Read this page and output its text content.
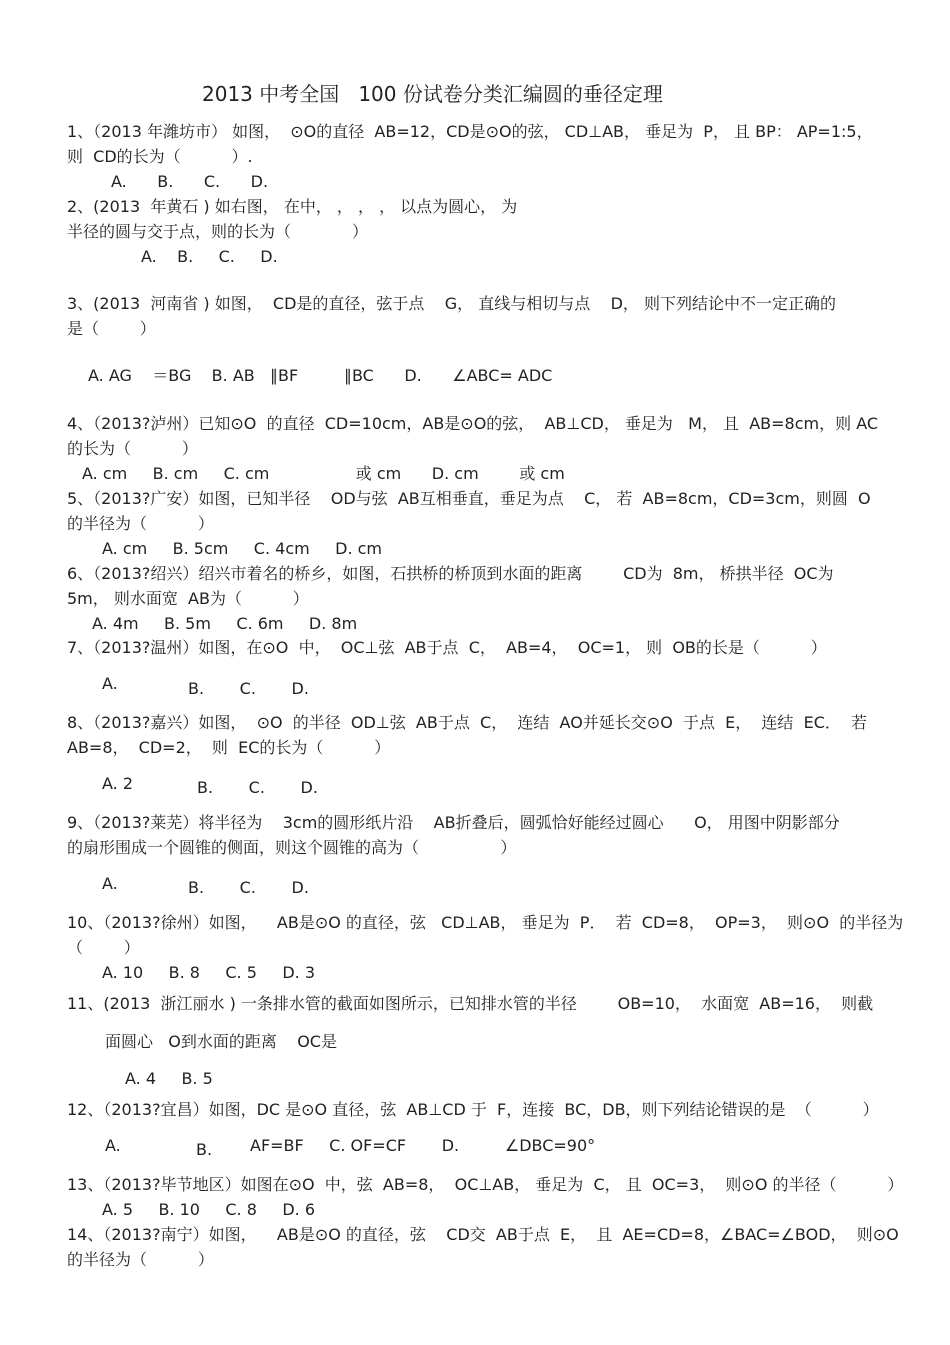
2013 中考全国   100 份试卷分类汇编圆的垂径定理
1、（2013 年潍坊市） 如图，  ⊙O的直径  AB=12，CD是⊙O的弦， CD⊥AB， 垂足为  P， 且 BP： AP=1:5，
则  CD的长为（          ）.
A.      B.      C.      D.
2、(2013  年黄石 ) 如右图， 在中， ， ， ， 以点为圆心， 为
半径的圆与交于点，则的长为（            ）
A.    B.     C.     D.
3、(2013  河南省 ) 如图，  CD是的直径，弦于点    G， 直线与相切与点    D， 则下列结论中不一定正确的
是（        ）
A. AG    ＝BG    B. AB   ∥BF         ∥BC      D.      ∠ABC= ADC
4、（2013?泸州）已知⊙O  的直径  CD=10cm，AB是⊙O的弦，  AB⊥CD， 垂足为   M， 且  AB=8cm，则 AC
的长为（          ）
A. cm     B. cm     C. cm                 或 cm      D. cm        或 cm
5、（2013?广安）如图，已知半径    OD与弦  AB互相垂直，垂足为点    C， 若  AB=8cm，CD=3cm，则圆  O
的半径为（          ）
A. cm     B. 5cm     C. 4cm     D. cm
6、（2013?绍兴）绍兴市着名的桥乡，如图，石拱桥的桥顶到水面的距离        CD为  8m， 桥拱半径  OC为
5m， 则水面宽  AB为（          ）
A. 4m     B. 5m     C. 6m     D. 8m
7、（2013?温州）如图，在⊙O  中，  OC⊥弦  AB于点  C，  AB=4，  OC=1， 则  OB的长是（          ）
A.	B.       C.       D.
8、（2013?嘉兴）如图，  ⊙O  的半径  OD⊥弦  AB于点  C，  连结  AO并延长交⊙O  于点  E，  连结  EC．  若
AB=8，  CD=2，  则  EC的长为（          ）
A. 2	B.       C.       D.
9、（2013?莱芜）将半径为    3cm的圆形纸片沿    AB折叠后，圆弧恰好能经过圆心      O， 用图中阴影部分
的扇形围成一个圆锥的侧面，则这个圆锥的高为（                ）
A.	B.       C.       D.
10、（2013?徐州）如图，    AB是⊙O 的直径，弦   CD⊥AB， 垂足为  P．  若  CD=8，  OP=3，  则⊙O  的半径为
（        ）
A. 10     B. 8     C. 5     D. 3
11、(2013  浙江丽水 ) 一条排水管的截面如图所示，已知排水管的半径        OB=10，  水面宽  AB=16，  则截
面圆心   O到水面的距离    OC是
A. 4     B. 5
12、（2013?宜昌）如图，DC 是⊙O 直径，弦  AB⊥CD 于  F，连接  BC，DB，则下列结论错误的是  （          ）
A.	B. AF=BF     C. OF=CF       D.         ∠DBC=90°
13、（2013?毕节地区）如图在⊙O  中，弦  AB=8，  OC⊥AB， 垂足为  C， 且  OC=3，  则⊙O 的半径（          ）
A. 5     B. 10     C. 8     D. 6
14、（2013?南宁）如图，    AB是⊙O 的直径，弦    CD交  AB于点  E，  且  AE=CD=8，∠BAC=∠BOD，  则⊙O
的半径为（          ）
